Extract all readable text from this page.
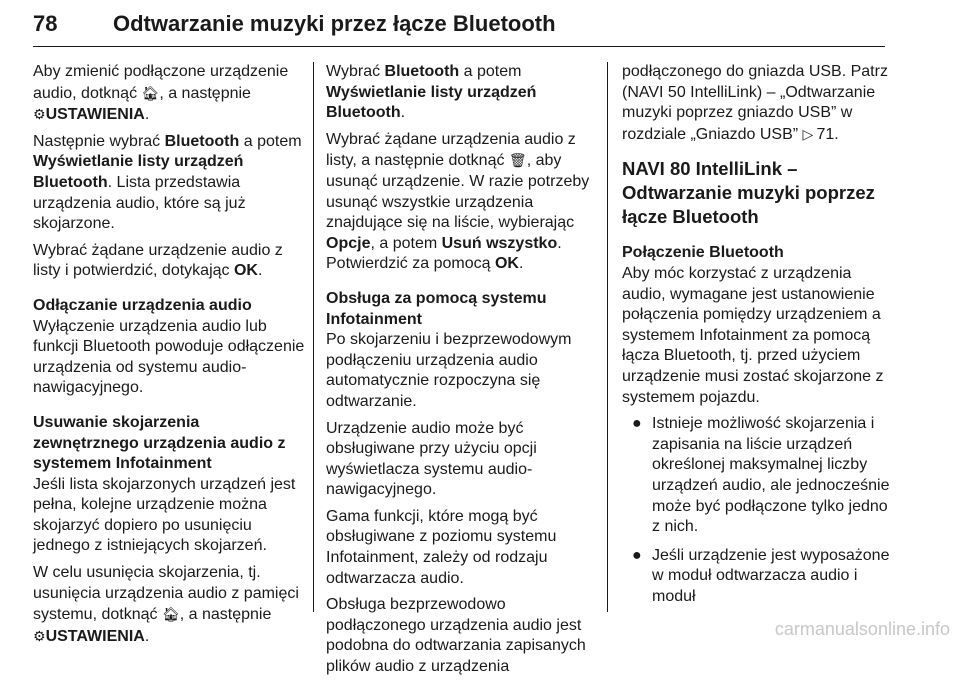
78	Odtwarzanie muzyki przez łącze Bluetooth

Aby zmienić podłączone urządzenie audio, dotknąć 🏠︎, a następnie
⚙︎USTAWIENIA.

Następnie wybrać Bluetooth a potem Wyświetlanie listy urządzeń Bluetooth. Lista przedstawia urządzenia audio, które są już skojarzone.

Wybrać żądane urządzenie audio z listy i potwierdzić, dotykając OK.

Odłączanie urządzenia audio

Wyłączenie urządzenia audio lub funkcji Bluetooth powoduje odłączenie urządzenia od systemu audio-nawigacyjnego.

Usuwanie skojarzenia zewnętrznego urządzenia audio z systemem Infotainment

Jeśli lista skojarzonych urządzeń jest pełna, kolejne urządzenie można skojarzyć dopiero po usunięciu jednego z istniejących skojarzeń.

W celu usunięcia skojarzenia, tj. usunięcia urządzenia audio z pamięci systemu, dotknąć 🏠︎, a następnie
⚙︎USTAWIENIA.

Wybrać Bluetooth a potem
Wyświetlanie listy urządzeń Bluetooth.

Wybrać żądane urządzenia audio z listy, a następnie dotknąć 🗑︎, aby usunąć urządzenie. W razie potrzeby usunąć wszystkie urządzenia znajdujące się na liście, wybierając Opcje, a potem Usuń wszystko.
Potwierdzić za pomocą OK.

Obsługa za pomocą systemu Infotainment

Po skojarzeniu i bezprzewodowym podłączeniu urządzenia audio automatycznie rozpoczyna się odtwarzanie.

Urządzenie audio może być obsługiwane przy użyciu opcji wyświetlacza systemu audio-nawigacyjnego.

Gama funkcji, które mogą być obsługiwane z poziomu systemu Infotainment, zależy od rodzaju odtwarzacza audio.

Obsługa bezprzewodowo podłączonego urządzenia audio jest podobna do odtwarzania zapisanych plików audio z urządzenia

podłączonego do gniazda USB. Patrz (NAVI 50 IntelliLink) – „Odtwarzanie muzyki poprzez gniazdo USB” w rozdziale „Gniazdo USB” ▷  71.

NAVI 80 IntelliLink – Odtwarzanie muzyki poprzez łącze Bluetooth
Połączenie Bluetooth

Aby móc korzystać z urządzenia audio, wymagane jest ustanowienie połączenia pomiędzy urządzeniem a systemem Infotainment za pomocą łącza Bluetooth, tj. przed użyciem urządzenie musi zostać skojarzone z systemem pojazdu.

● Istnieje możliwość skojarzenia i zapisania na liście urządzeń określonej maksymalnej liczby urządzeń audio, ale jednocześnie może być podłączone tylko jedno z nich.
● Jeśli urządzenie jest wyposażone w moduł odtwarzacza audio i moduł
carmanualsonline.info
